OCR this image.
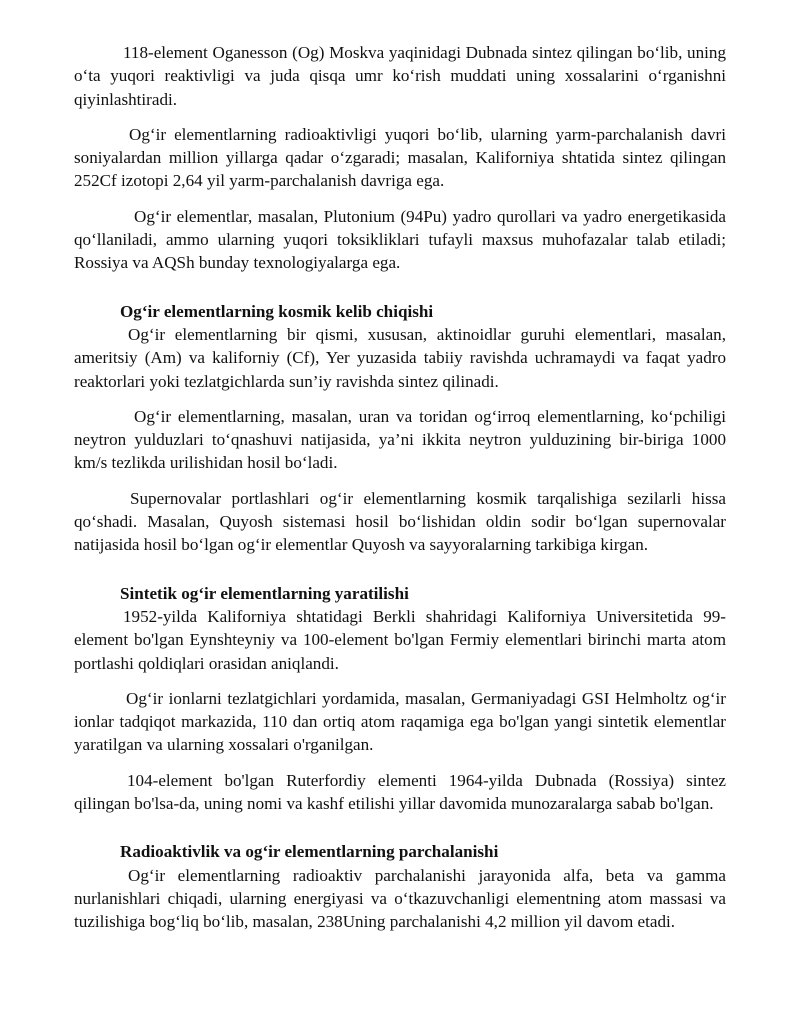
118-element Oganesson (Og) Moskva yaqinidagi Dubnada sintez qilingan bo‘lib, uning o‘ta yuqori reaktivligi va juda qisqa umr ko‘rish muddati uning xossalarini o‘rganishni qiyinlashtiradi.

Og‘ir elementlarning radioaktivligi yuqori bo‘lib, ularning yarm-parchalanish davri soniyalardan million yillarga qadar o‘zgaradi; masalan, Kaliforniya shtatida sintez qilingan 252Cf izotopi 2,64 yil yarm-parchalanish davriga ega.

Og‘ir elementlar, masalan, Plutonium (94Pu) yadro qurollari va yadro energetikasida qo‘llaniladi, ammo ularning yuqori toksikliklari tufayli maxsus muhofazalar talab etiladi; Rossiya va AQSh bunday texnologiyalarga ega.

Og‘ir elementlarning kosmik kelib chiqishi

Og‘ir elementlarning bir qismi, xususan, aktinoidlar guruhi elementlari, masalan, ameritsiy (Am) va kaliforniy (Cf), Yer yuzasida tabiiy ravishda uchramaydi va faqat yadro reaktorlari yoki tezlatgichlarda sun’iy ravishda sintez qilinadi.

Og‘ir elementlarning, masalan, uran va toridan og‘irroq elementlarning, ko‘pchiligi neytron yulduzlari to‘qnashuvi natijasida, ya’ni ikkita neytron yulduzining bir-biriga 1000 km/s tezlikda urilishidan hosil bo‘ladi.

Supernovalar portlashlari og‘ir elementlarning kosmik tarqalishiga sezilarli hissa qo‘shadi. Masalan, Quyosh sistemasi hosil bo‘lishidan oldin sodir bo‘lgan supernovalar natijasida hosil bo‘lgan og‘ir elementlar Quyosh va sayyoralarning tarkibiga kirgan.

Sintetik og‘ir elementlarning yaratilishi

1952-yilda Kaliforniya shtatidagi Berkli shahridagi Kaliforniya Universitetida 99-element bo'lgan Eynshteyniy va 100-element bo'lgan Fermiy elementlari birinchi marta atom portlashi qoldiqlari orasidan aniqlandi.

Og‘ir ionlarni tezlatgichlari yordamida, masalan, Germaniyadagi GSI Helmholtz og‘ir ionlar tadqiqot markazida, 110 dan ortiq atom raqamiga ega bo'lgan yangi sintetik elementlar yaratilgan va ularning xossalari o'rganilgan.

104-element bo'lgan Ruterfordiy elementi 1964-yilda Dubnada (Rossiya) sintez qilingan bo'lsa-da, uning nomi va kashf etilishi yillar davomida munozaralarga sabab bo'lgan.

Radioaktivlik va og‘ir elementlarning parchalanishi

Og‘ir elementlarning radioaktiv parchalanishi jarayonida alfa, beta va gamma nurlanishlari chiqadi, ularning energiyasi va o‘tkazuvchanligi elementning atom massasi va tuzilishiga bog‘liq bo‘lib, masalan, 238Uning parchalanishi 4,2 million yil davom etadi.
